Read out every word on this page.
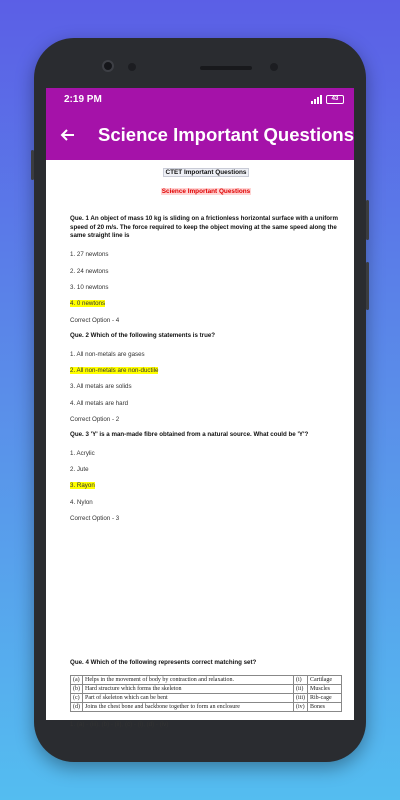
2:19 PM	43
Science Important Questions
CTET Important Questions
Science Important Questions
Que. 1 An object of mass 10 kg is sliding on a frictionless horizontal surface with a uniform speed of 20 m/s. The force required to keep the object moving at the same speed along the same straight line is
1. 27 newtons
2. 24 newtons
3. 10 newtons
4. 0 newtons
Correct Option - 4
Que. 2 Which of the following statements is true?
1. All non-metals are gases
2. All non-metals are non-ductile
3. All metals are solids
4. All metals are hard
Correct Option - 2
Que. 3 'Y' is a man-made fibre obtained from a natural source. What could be 'Y'?
1. Acrylic
2. Jute
3. Rayon
4. Nylon
Correct Option - 3
Que. 4 Which of the following represents correct matching set?
(a)	Helps in the movement of body by contraction and relaxation.	(i)	Cartilage
(b)	Hard structure which forms the skeleton	(ii)	Muscles
(c)	Part of skeleton which can be bent	(iii)	Rib-cage
(d)	Joins the chest bone and backbone together to form an enclosure	(iv)	Bones
1. (a) - (iii), (b) - (ii), (c) - (i), (d) - (iv)
